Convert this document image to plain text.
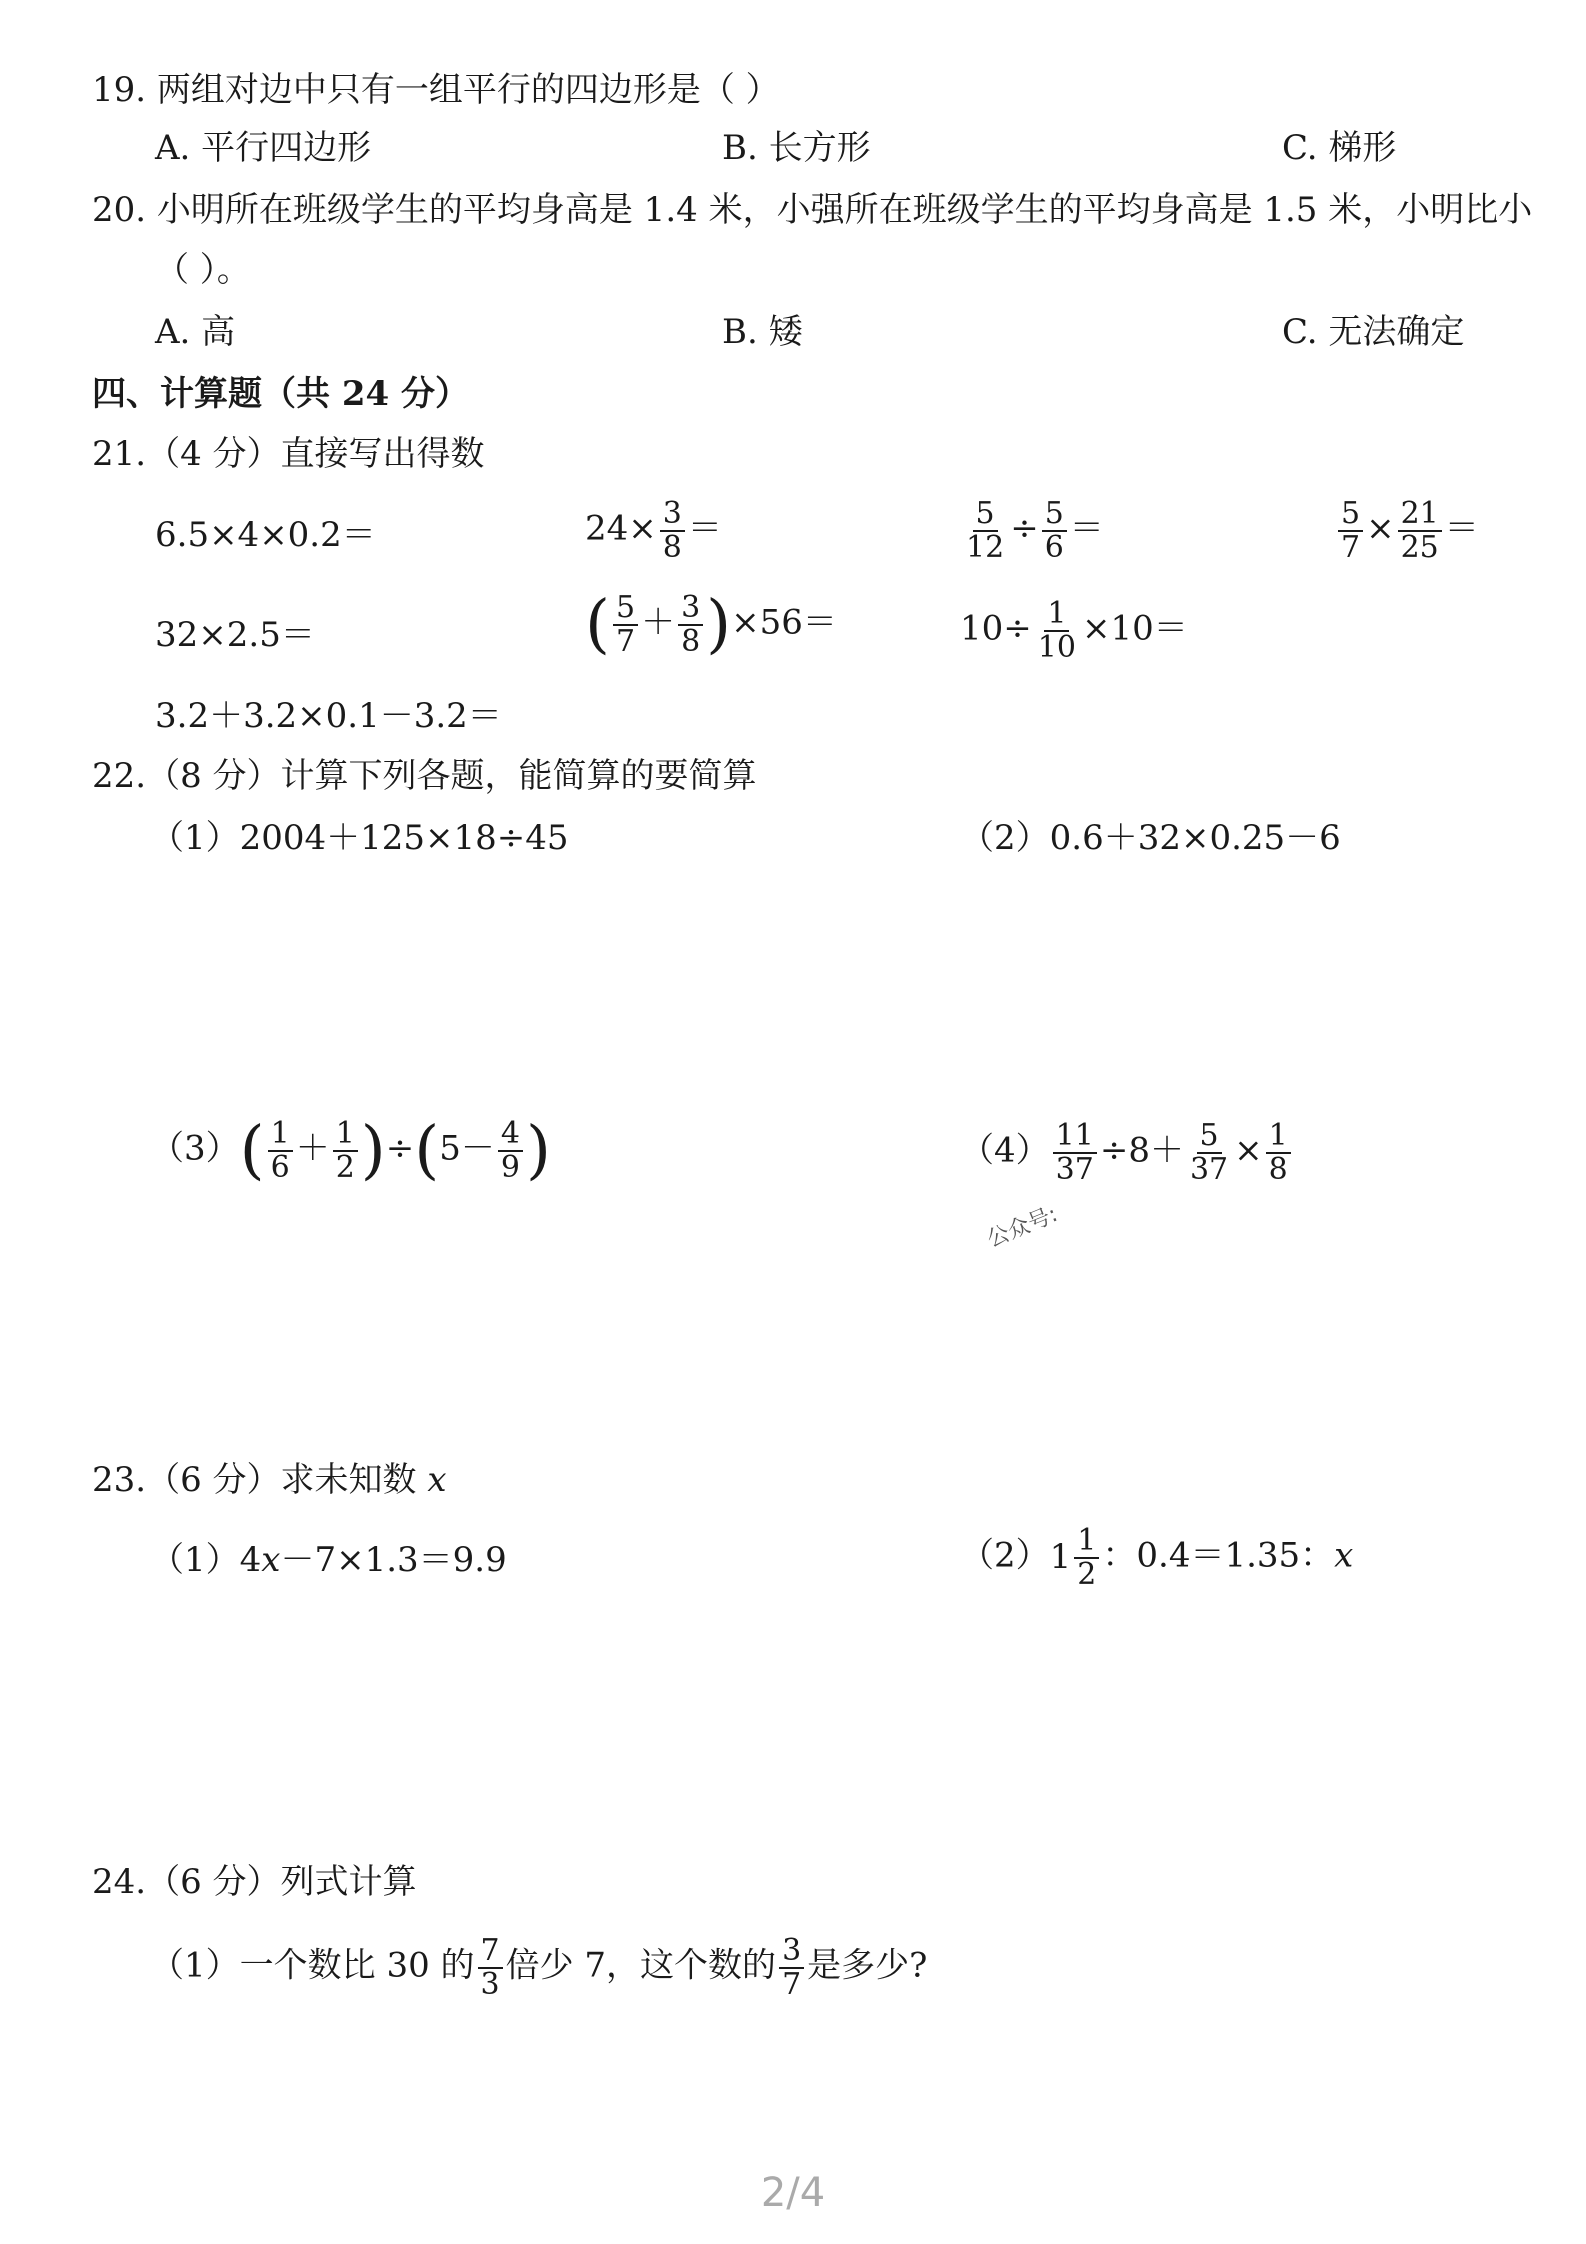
19. 两组对边中只有一组平行的四边形是（ ）
A. 平行四边形	B. 长方形	C. 梯形
20. 小明所在班级学生的平均身高是 1.4 米，小强所在班级学生的平均身高是 1.5 米，小明比小
（ ）。
A. 高	B. 矮	C. 无法确定
四、计算题（共 24 分）
21.（4 分）直接写出得数
6.5×4×0.2＝	$24\times \frac{3}{8}$ ＝	$\frac{5}{12} \div \frac{5}{6}$ ＝	$\frac{5}{7} \times \frac{21}{25}$ ＝
32×2.5＝	( $\frac{5}{7} + \frac{3}{8} )\times 56=$	$10\div \frac{1}{10} \times 10=$
3.2＋3.2×0.1－3.2＝
22.（8 分）计算下列各题，能简算的要简算
（1）2004＋125×18÷45	（2）0.6＋32×0.25－6
$(3)( \frac{1}{6} + \frac{1}{2} )\div(5- \frac{4}{9}$ )	$(4) \frac{11}{37} \div 8+ \frac{5}{37} \times \frac{1}{8}$
公众号:
23.（6 分）求未知数 x
（1）4x－7×1.3＝9.9	$(2)1 \frac{1}{2}$ ：0.4＝1.35：x
24.（6 分）列式计算
（1）一个数比 30 的 $\frac{7}{3}$ 倍少 7，这个数的 $\frac{3}{7}$ 是多少?
2/4
